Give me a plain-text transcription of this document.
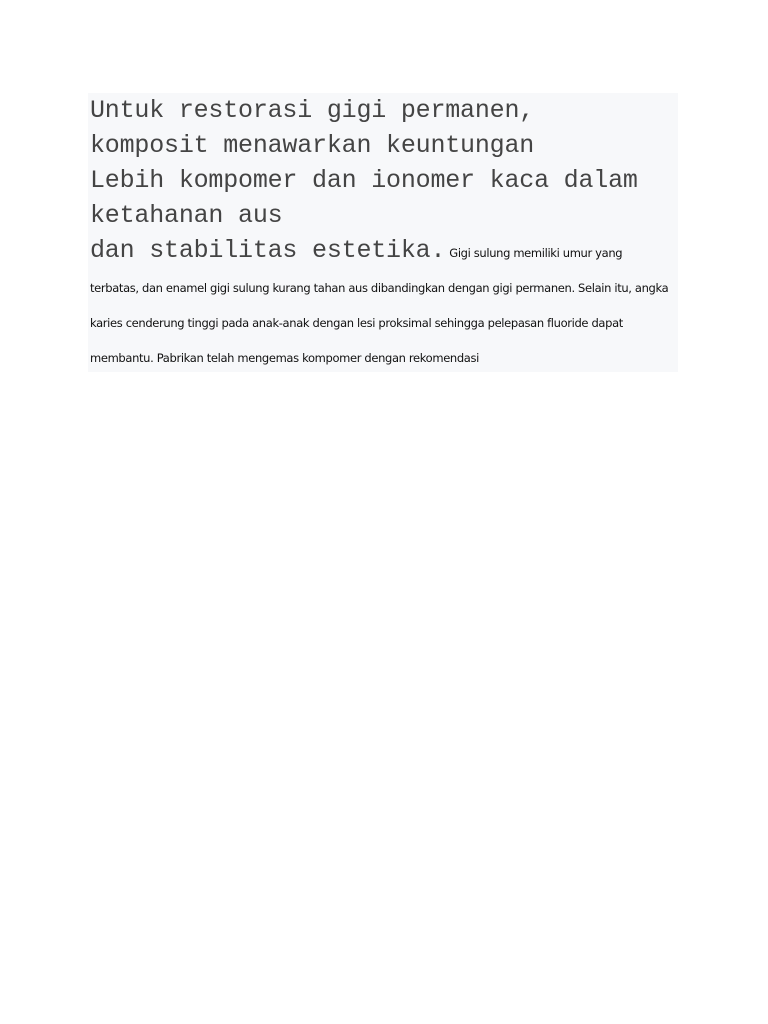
Untuk restorasi gigi permanen,
komposit menawarkan keuntungan
Lebih kompomer dan ionomer kaca dalam
ketahanan aus
dan stabilitas estetika. Gigi sulung memiliki umur yang
terbatas, dan enamel gigi sulung kurang tahan aus dibandingkan dengan gigi permanen. Selain itu, angka
karies cenderung tinggi pada anak-anak dengan lesi proksimal sehingga pelepasan fluoride dapat
membantu. Pabrikan telah mengemas kompomer dengan rekomendasi
